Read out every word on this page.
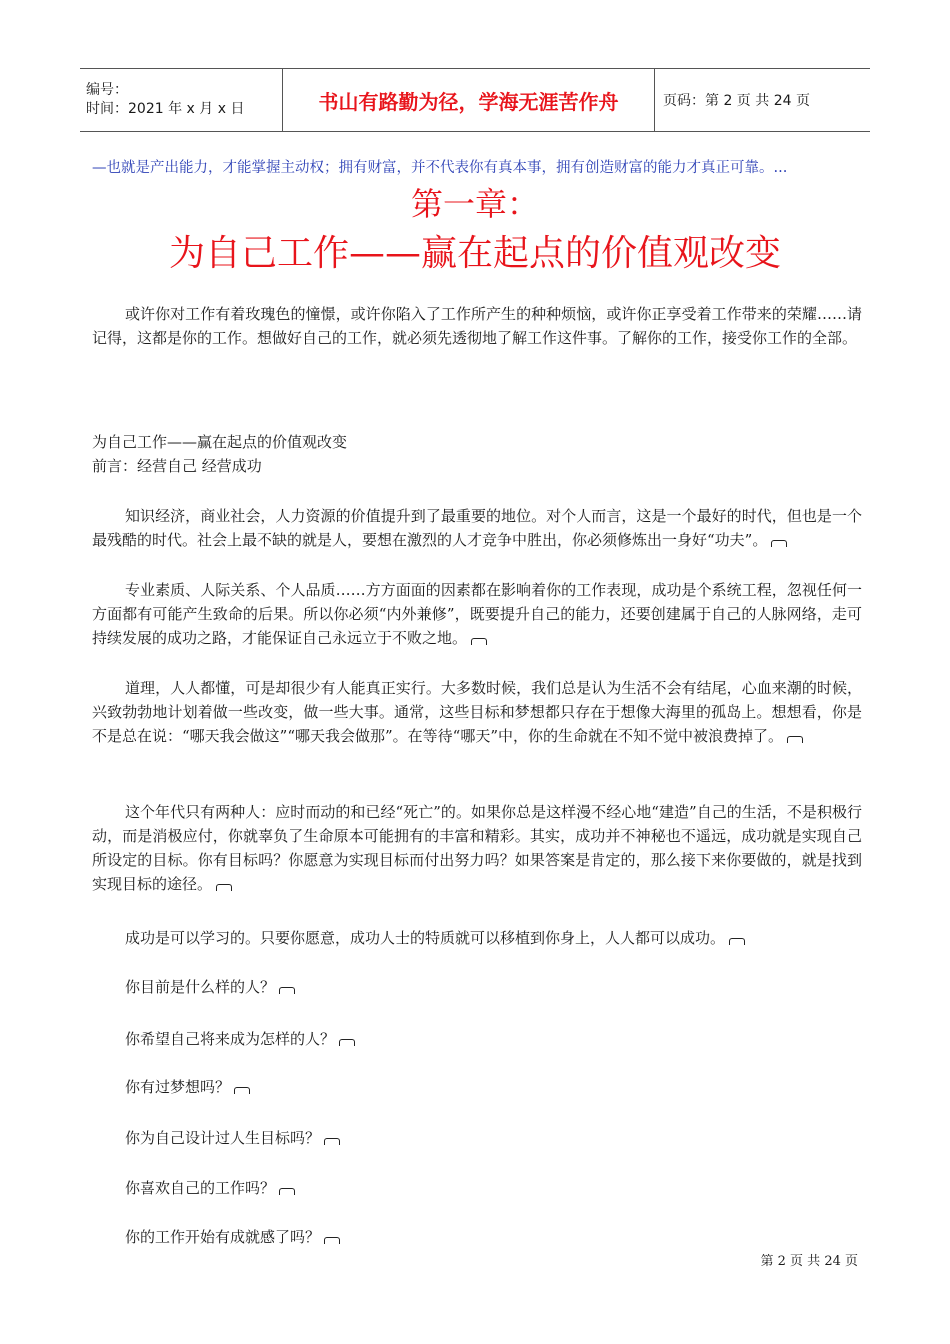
编号：
时间：2021 年 x 月 x 日	书山有路勤为径，学海无涯苦作舟	页码：第 2 页 共 24 页
—也就是产出能力，才能掌握主动权；拥有财富，并不代表你有真本事，拥有创造财富的能力才真正可靠。...
第一章：
为自己工作——赢在起点的价值观改变
或许你对工作有着玫瑰色的憧憬，或许你陷入了工作所产生的种种烦恼，或许你正享受着工作带来的荣耀……请记得，这都是你的工作。想做好自己的工作，就必须先透彻地了解工作这件事。了解你的工作，接受你工作的全部。
为自己工作——赢在起点的价值观改变
前言：经营自己 经营成功
知识经济，商业社会，人力资源的价值提升到了最重要的地位。对个人而言，这是一个最好的时代，但也是一个最残酷的时代。社会上最不缺的就是人，要想在激烈的人才竞争中胜出，你必须修炼出一身好“功夫”。
专业素质、人际关系、个人品质……方方面面的因素都在影响着你的工作表现，成功是个系统工程，忽视任何一方面都有可能产生致命的后果。所以你必须“内外兼修”，既要提升自己的能力，还要创建属于自己的人脉网络，走可持续发展的成功之路，才能保证自己永远立于不败之地。
道理，人人都懂，可是却很少有人能真正实行。大多数时候，我们总是认为生活不会有结尾，心血来潮的时候，兴致勃勃地计划着做一些改变，做一些大事。通常，这些目标和梦想都只存在于想像大海里的孤岛上。想想看，你是不是总在说：“哪天我会做这”“哪天我会做那”。在等待“哪天”中，你的生命就在不知不觉中被浪费掉了。
这个年代只有两种人：应时而动的和已经“死亡”的。如果你总是这样漫不经心地“建造”自己的生活，不是积极行动，而是消极应付，你就辜负了生命原本可能拥有的丰富和精彩。其实，成功并不神秘也不遥远，成功就是实现自己所设定的目标。你有目标吗？你愿意为实现目标而付出努力吗？如果答案是肯定的，那么接下来你要做的，就是找到实现目标的途径。
成功是可以学习的。只要你愿意，成功人士的特质就可以移植到你身上，人人都可以成功。
你目前是什么样的人？
你希望自己将来成为怎样的人？
你有过梦想吗？
你为自己设计过人生目标吗？
你喜欢自己的工作吗？
你的工作开始有成就感了吗？
第 2 页 共 24 页
